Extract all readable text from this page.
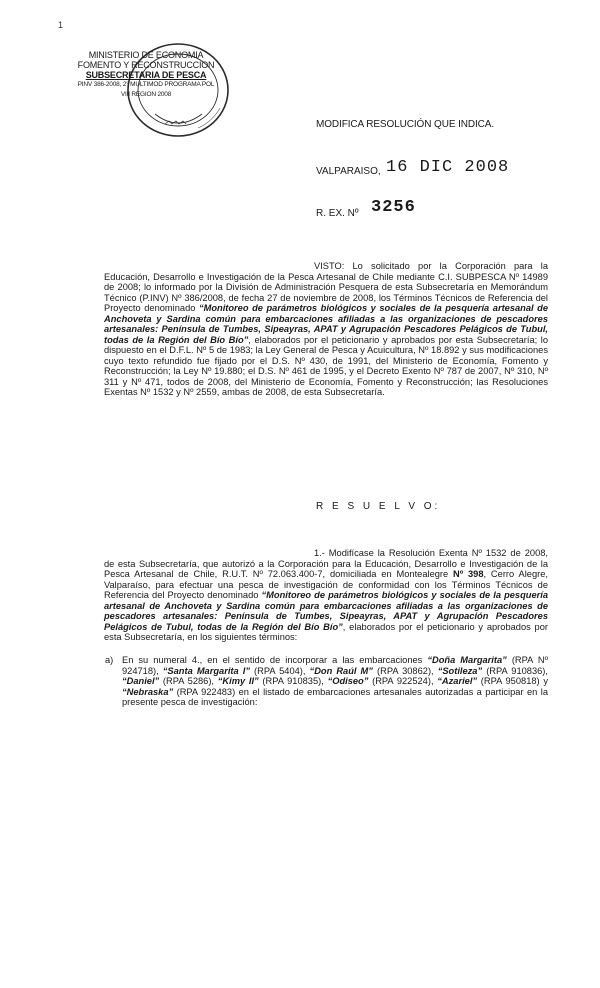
1
MINISTERIO DE ECONOMIA
FOMENTO Y RECONSTRUCCION
SUBSECRETARIA DE PESCA
PINV 386-2008, 2° MULTIMOD PROGRAMA POL
VIII REGION 2008
MODIFICA RESOLUCIÓN QUE INDICA.
VALPARAISO, 16 DIC 2008
R. EX. Nº 3256
VISTO: Lo solicitado por la Corporación para la Educación, Desarrollo e Investigación de la Pesca Artesanal de Chile mediante C.I. SUBPESCA Nº 14989 de 2008; lo informado por la División de Administración Pesquera de esta Subsecretaría en Memorándum Técnico (P.INV) Nº 386/2008, de fecha 27 de noviembre de 2008, los Términos Técnicos de Referencia del Proyecto denominado “Monitoreo de parámetros biológicos y sociales de la pesquería artesanal de Anchoveta y Sardina común para embarcaciones afiliadas a las organizaciones de pescadores artesanales: Península de Tumbes, Sipeayras, APAT y Agrupación Pescadores Pelágicos de Tubul, todas de la Región del Bío Bío”, elaborados por el peticionario y aprobados por esta Subsecretaría; lo dispuesto en el D.F.L. Nº 5 de 1983; la Ley General de Pesca y Acuicultura, Nº 18.892 y sus modificaciones cuyo texto refundido fue fijado por el D.S. Nº 430, de 1991, del Ministerio de Economía, Fomento y Reconstrucción; la Ley Nº 19.880; el D.S. Nº 461 de 1995, y el Decreto Exento Nº 787 de 2007, Nº 310, Nº 311 y Nº 471, todos de 2008, del Ministerio de Economía, Fomento y Reconstrucción; las Resoluciones Exentas Nº 1532 y Nº 2559, ambas de 2008, de esta Subsecretaría.
R E S U E L V O:
1.- Modifícase la Resolución Exenta Nº 1532 de 2008, de esta Subsecretaría, que autorizó a la Corporación para la Educación, Desarrollo e Investigación de la Pesca Artesanal de Chile, R.U.T. Nº 72.063.400-7, domiciliada en Montealegre Nº 398, Cerro Alegre, Valparaíso, para efectuar una pesca de investigación de conformidad con los Términos Técnicos de Referencia del Proyecto denominado “Monitoreo de parámetros biológicos y sociales de la pesquería artesanal de Anchoveta y Sardina común para embarcaciones afiliadas a las organizaciones de pescadores artesanales: Península de Tumbes, Sipeayras, APAT y Agrupación Pescadores Pelágicos de Tubul, todas de la Región del Bío Bío”, elaborados por el peticionario y aprobados por esta Subsecretaría, en los siguientes términos:
a) En su numeral 4., en el sentido de incorporar a las embarcaciones “Doña Margarita” (RPA Nº 924718), “Santa Margarita I” (RPA 5404), “Don Raúl M” (RPA 30862), “Sotileza” (RPA 910836), “Daniel” (RPA 5286), “Kimy II” (RPA 910835), “Odiseo” (RPA 922524), “Azariel” (RPA 950818) y “Nebraska” (RPA 922483) en el listado de embarcaciones artesanales autorizadas a participar en la presente pesca de investigación:
